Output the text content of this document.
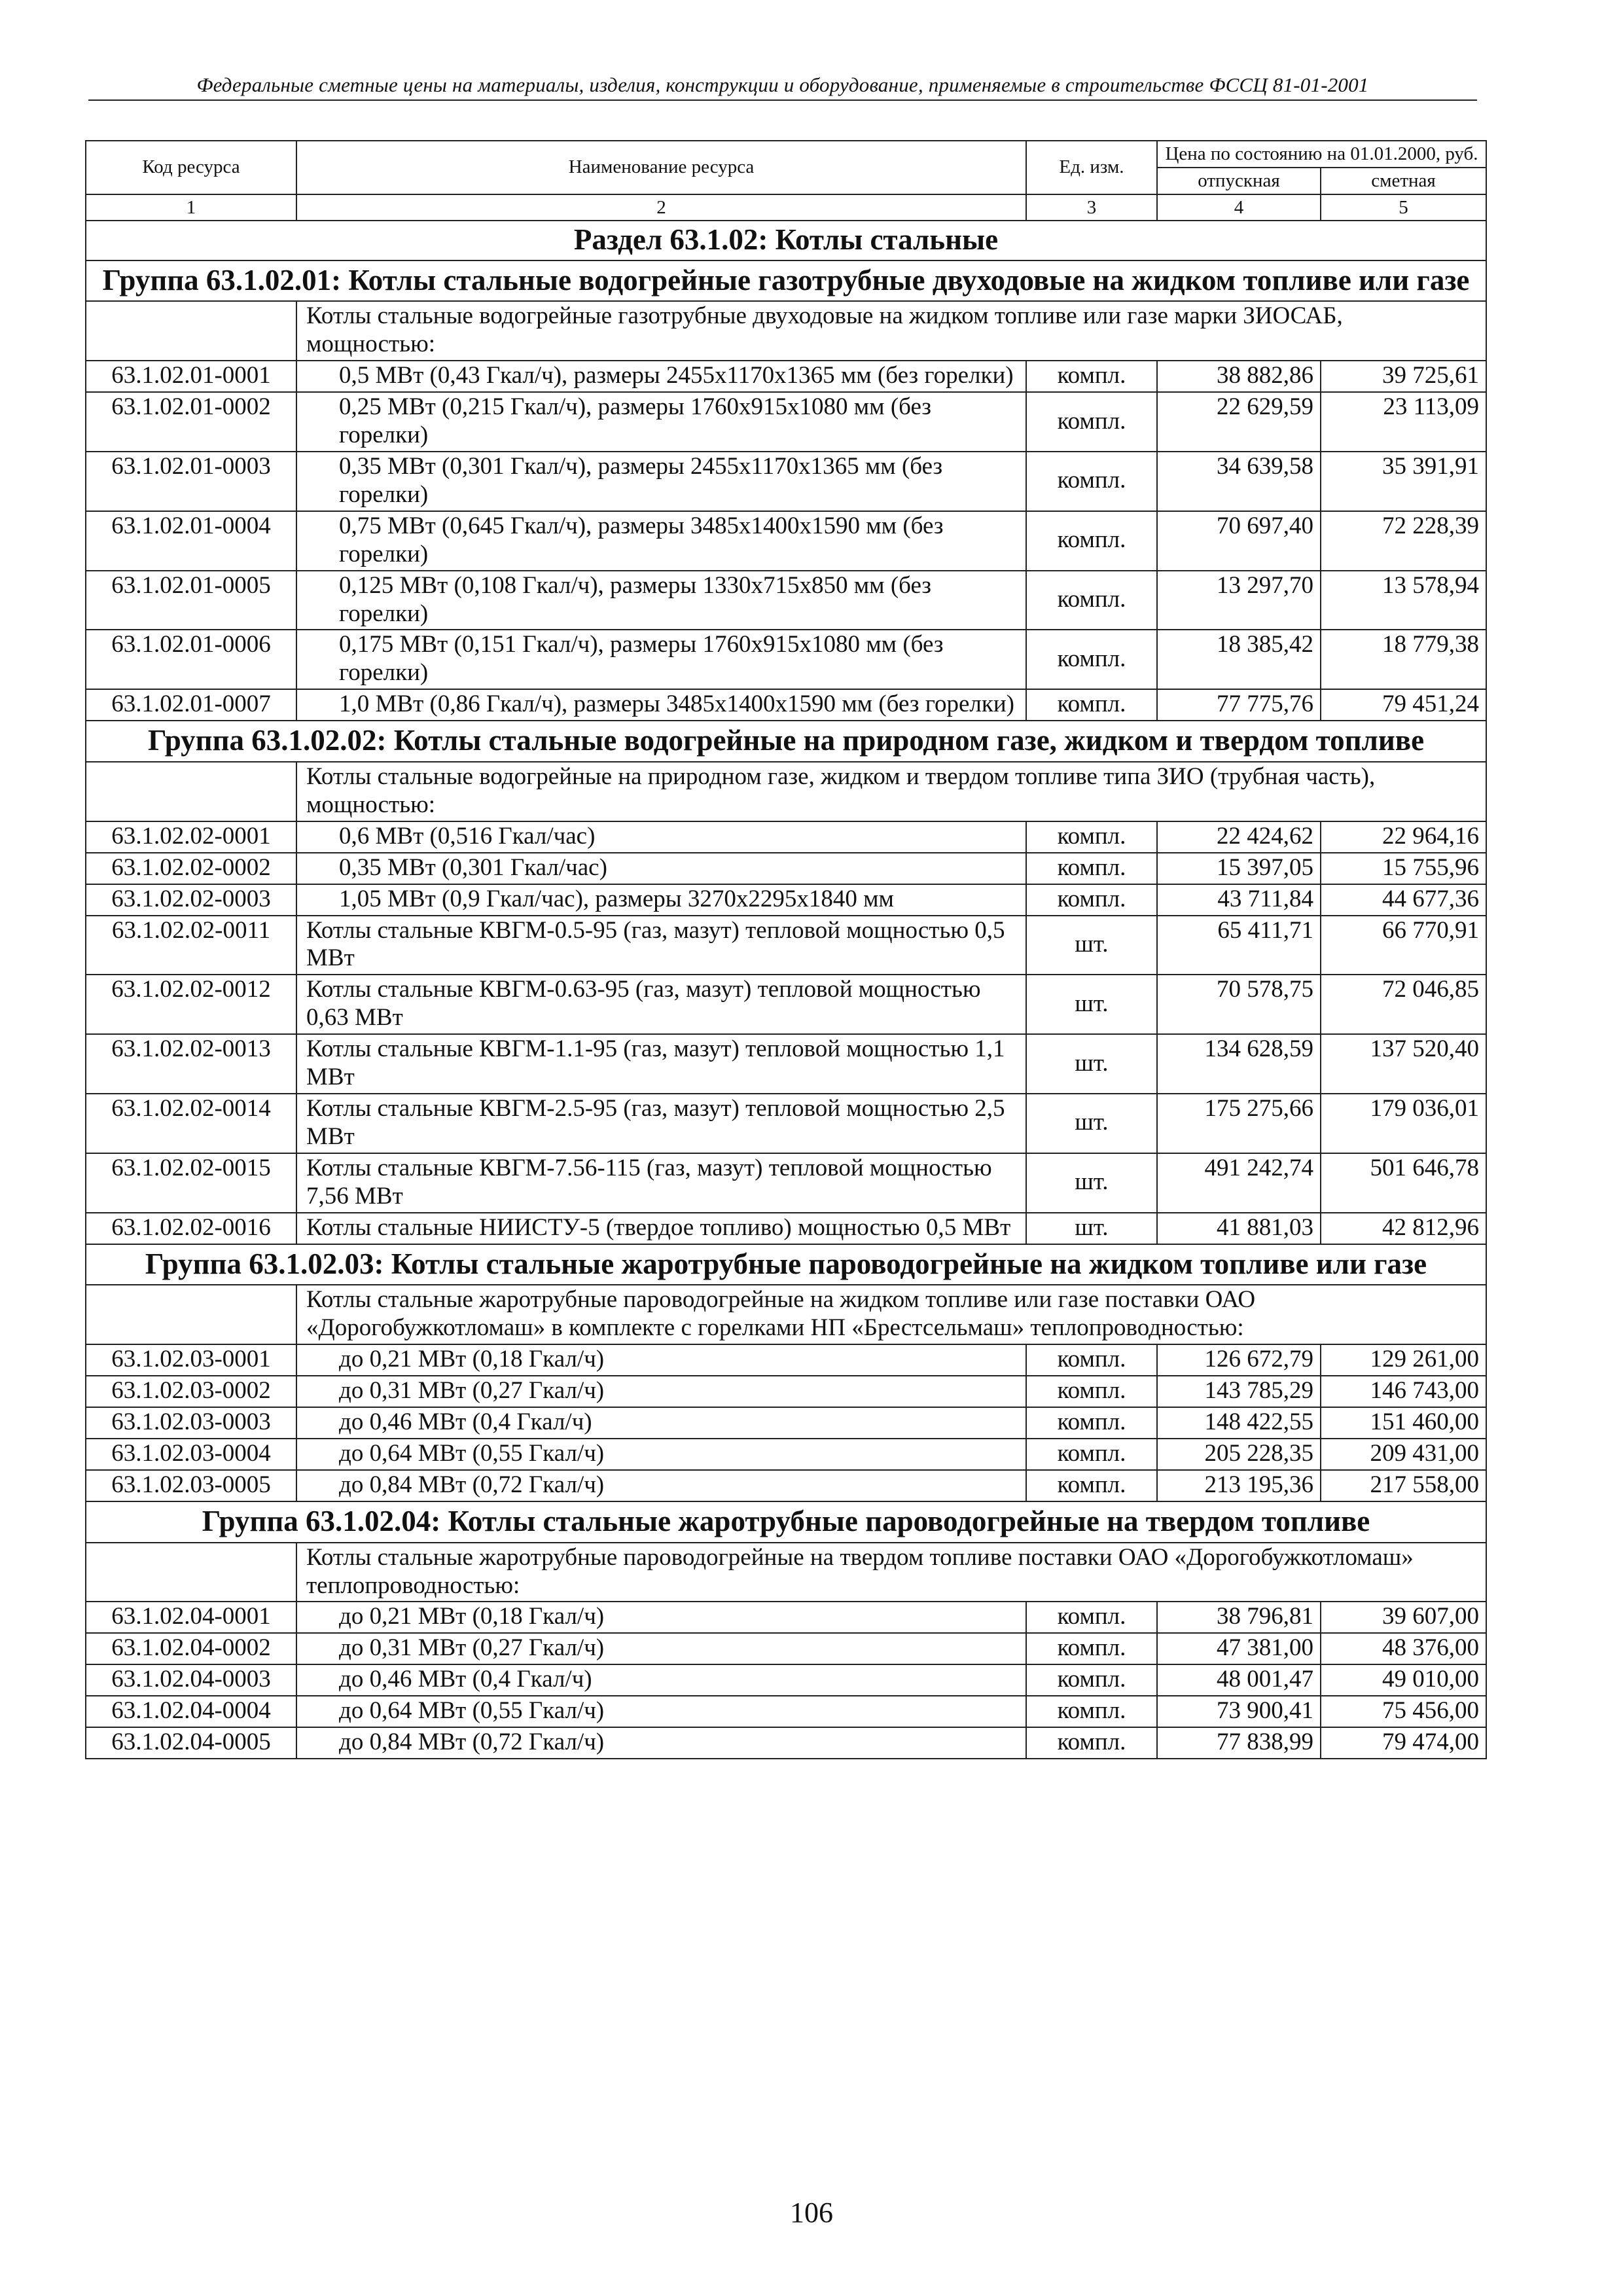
Федеральные сметные цены на материалы, изделия, конструкции и оборудование, применяемые в строительстве ФССЦ 81-01-2001
Код ресурса	Наименование ресурса	Ед. изм.	Цена по состоянию на 01.01.2000, руб.	
			отпускная	сметная
1	2	3	4	5
Раздел 63.1.02: Котлы стальные				
Группа 63.1.02.01: Котлы стальные водогрейные газотрубные двуходовые на жидком топливе или газе				
	Котлы стальные водогрейные газотрубные двуходовые на жидком топливе или газе марки ЗИОСАБ, мощностью:			
63.1.02.01-0001	0,5 МВт (0,43 Гкал/ч), размеры 2455x1170x1365 мм (без горелки)	компл.	38 882,86	39 725,61
63.1.02.01-0002	0,25 МВт (0,215 Гкал/ч), размеры 1760x915x1080 мм (без горелки)	компл.	22 629,59	23 113,09
63.1.02.01-0003	0,35 МВт (0,301 Гкал/ч), размеры 2455x1170x1365 мм (без горелки)	компл.	34 639,58	35 391,91
63.1.02.01-0004	0,75 МВт (0,645 Гкал/ч), размеры 3485x1400x1590 мм (без горелки)	компл.	70 697,40	72 228,39
63.1.02.01-0005	0,125 МВт (0,108 Гкал/ч), размеры 1330x715x850 мм (без горелки)	компл.	13 297,70	13 578,94
63.1.02.01-0006	0,175 МВт (0,151 Гкал/ч), размеры 1760x915x1080 мм (без горелки)	компл.	18 385,42	18 779,38
63.1.02.01-0007	1,0 МВт (0,86 Гкал/ч), размеры 3485x1400x1590 мм (без горелки)	компл.	77 775,76	79 451,24
Группа 63.1.02.02: Котлы стальные водогрейные на природном газе, жидком и твердом топливе				
	Котлы стальные водогрейные на природном газе, жидком и твердом топливе типа ЗИО (трубная часть), мощностью:			
63.1.02.02-0001	0,6 МВт (0,516 Гкал/час)	компл.	22 424,62	22 964,16
63.1.02.02-0002	0,35 МВт (0,301 Гкал/час)	компл.	15 397,05	15 755,96
63.1.02.02-0003	1,05 МВт (0,9 Гкал/час), размеры 3270x2295x1840 мм	компл.	43 711,84	44 677,36
63.1.02.02-0011	Котлы стальные КВГМ-0.5-95 (газ, мазут) тепловой мощностью 0,5 МВт	шт.	65 411,71	66 770,91
63.1.02.02-0012	Котлы стальные КВГМ-0.63-95 (газ, мазут) тепловой мощностью 0,63 МВт	шт.	70 578,75	72 046,85
63.1.02.02-0013	Котлы стальные КВГМ-1.1-95 (газ, мазут) тепловой мощностью 1,1 МВт	шт.	134 628,59	137 520,40
63.1.02.02-0014	Котлы стальные КВГМ-2.5-95 (газ, мазут) тепловой мощностью 2,5 МВт	шт.	175 275,66	179 036,01
63.1.02.02-0015	Котлы стальные КВГМ-7.56-115 (газ, мазут) тепловой мощностью 7,56 МВт	шт.	491 242,74	501 646,78
63.1.02.02-0016	Котлы стальные НИИСТУ-5 (твердое топливо) мощностью 0,5 МВт	шт.	41 881,03	42 812,96
Группа 63.1.02.03: Котлы стальные жаротрубные пароводогрейные на жидком топливе или газе				
	Котлы стальные жаротрубные пароводогрейные на жидком топливе или газе поставки ОАО «Дорогобужкотломаш» в комплекте с горелками НП «Брестсельмаш» теплопроводностью:			
63.1.02.03-0001	до 0,21 МВт (0,18 Гкал/ч)	компл.	126 672,79	129 261,00
63.1.02.03-0002	до 0,31 МВт (0,27 Гкал/ч)	компл.	143 785,29	146 743,00
63.1.02.03-0003	до 0,46 МВт (0,4 Гкал/ч)	компл.	148 422,55	151 460,00
63.1.02.03-0004	до 0,64 МВт (0,55 Гкал/ч)	компл.	205 228,35	209 431,00
63.1.02.03-0005	до 0,84 МВт (0,72 Гкал/ч)	компл.	213 195,36	217 558,00
Группа 63.1.02.04: Котлы стальные жаротрубные пароводогрейные на твердом топливе				
	Котлы стальные жаротрубные пароводогрейные на твердом топливе поставки ОАО «Дорогобужкотломаш» теплопроводностью:			
63.1.02.04-0001	до 0,21 МВт (0,18 Гкал/ч)	компл.	38 796,81	39 607,00
63.1.02.04-0002	до 0,31 МВт (0,27 Гкал/ч)	компл.	47 381,00	48 376,00
63.1.02.04-0003	до 0,46 МВт (0,4 Гкал/ч)	компл.	48 001,47	49 010,00
63.1.02.04-0004	до 0,64 МВт (0,55 Гкал/ч)	компл.	73 900,41	75 456,00
63.1.02.04-0005	до 0,84 МВт (0,72 Гкал/ч)	компл.	77 838,99	79 474,00
106
